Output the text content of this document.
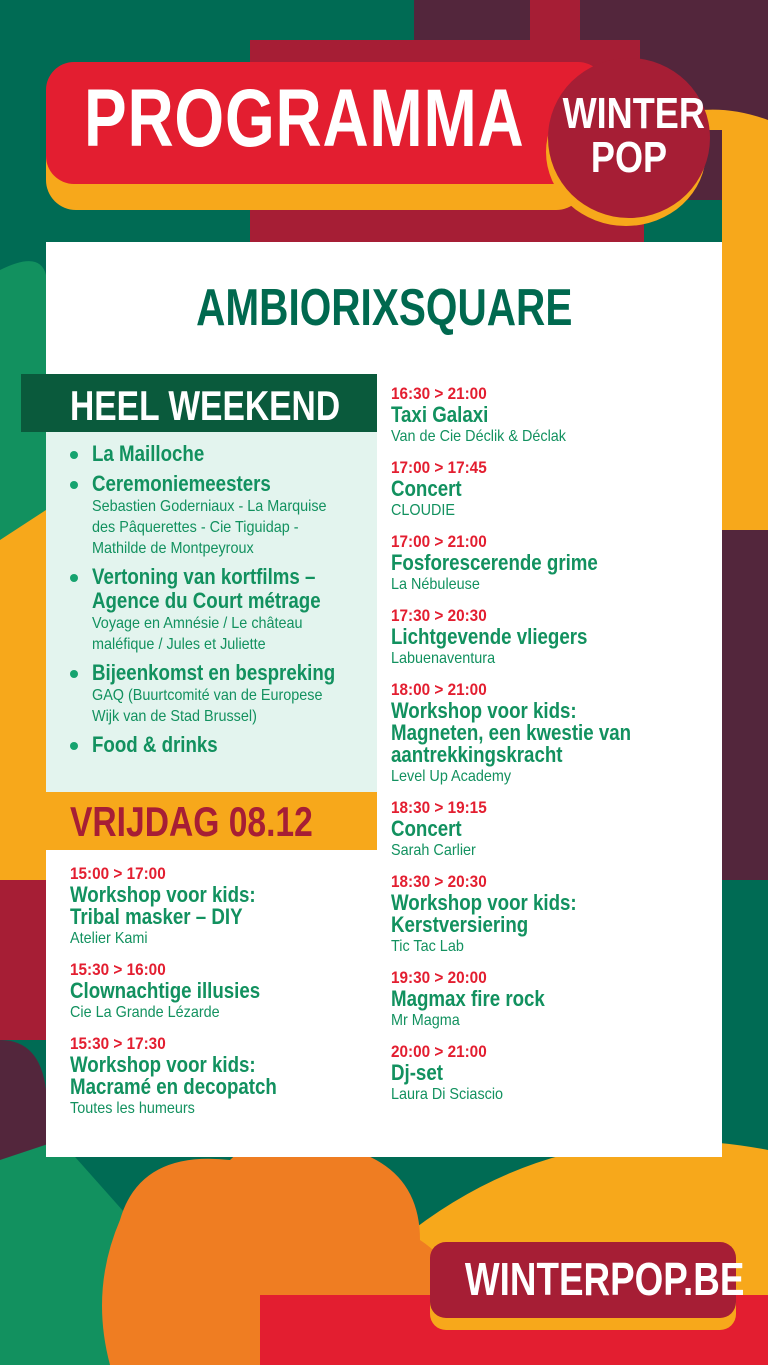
PROGRAMMA WINTER
POP
AMBIORIXSQUARE
HEEL WEEKEND
La Mailloche
Ceremoniemeesters
Sebastien Goderniaux - La Marquise
des Pâquerettes - Cie Tiguidap -
Mathilde de Montpeyroux
Vertoning van kortfilms –
Agence du Court métrage
Voyage en Amnésie / Le château
maléfique / Jules et Juliette
Bijeenkomst en bespreking
GAQ (Buurtcomité van de Europese
Wijk van de Stad Brussel)
Food & drinks
VRIJDAG 08.12
15:00 > 17:00
Workshop voor kids:
Tribal masker – DIY
Atelier Kami
15:30 > 16:00
Clownachtige illusies
Cie La Grande Lézarde
15:30 > 17:30
Workshop voor kids:
Macramé en decopatch
Toutes les humeurs
16:30 > 21:00
Taxi Galaxi
Van de Cie Déclik & Déclak
17:00 > 17:45
Concert
CLOUDIE
17:00 > 21:00
Fosforescerende grime
La Nébuleuse
17:30 > 20:30
Lichtgevende vliegers
Labuenaventura
18:00 > 21:00
Workshop voor kids:
Magneten, een kwestie van
aantrekkingskracht
Level Up Academy
18:30 > 19:15
Concert
Sarah Carlier
18:30 > 20:30
Workshop voor kids:
Kerstversiering
Tic Tac Lab
19:30 > 20:00
Magmax fire rock
Mr Magma
20:00 > 21:00
Dj-set
Laura Di Sciascio
WINTERPOP.BE
